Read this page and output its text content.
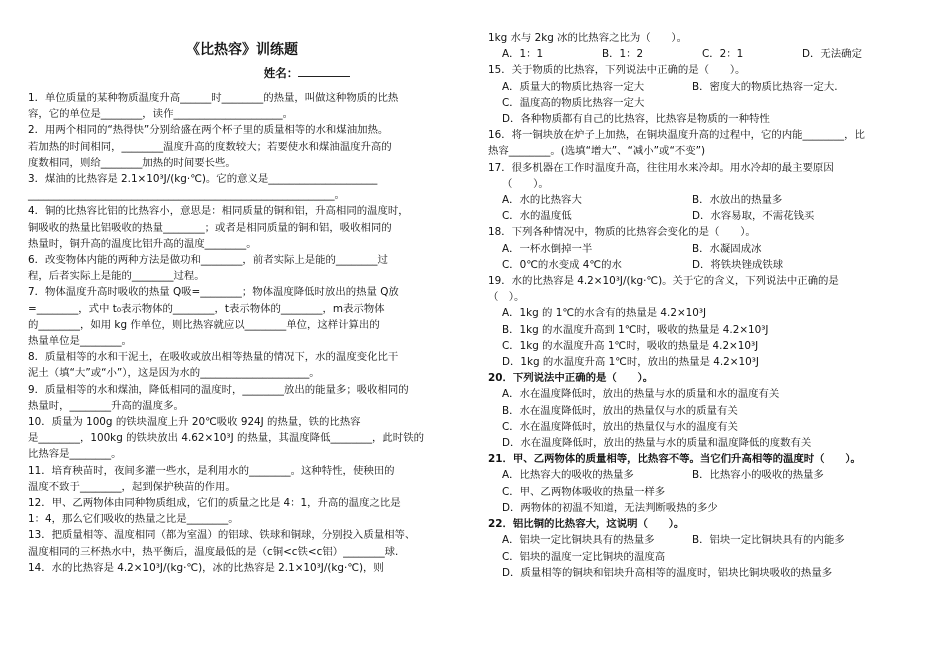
《比热容》训练题
姓名：
1．单位质量的某种物质温度升高______时________的热量，叫做这种物质的比热
容，它的单位是________，读作_____________________。
2．用两个相同的“热得快”分别给盛在两个杯子里的质量相等的水和煤油加热。
若加热的时间相同，________温度升高的度数较大；若要使水和煤油温度升高的
度数相同，则给________加热的时间要长些。
3．煤油的比热容是 2.1×10³J/(kg·℃)。它的意义是_____________________
___________________________________________________________。
4．铜的比热容比铝的比热容小，意思是：相同质量的铜和铝，升高相同的温度时，
铜吸收的热量比铝吸收的热量________；或者是相同质量的铜和铝，吸收相同的
热量时，铜升高的温度比铝升高的温度________。
6．改变物体内能的两种方法是做功和________，前者实际上是能的________过
程，后者实际上是能的________过程。
7．物体温度升高时吸收的热量 Q吸=________；物体温度降低时放出的热量 Q放
=________，式中 t₀表示物体的________，t表示物体的________，m表示物体
的________，如用 kg 作单位，则比热容就应以________单位，这样计算出的
热量单位是________。
8．质量相等的水和干泥土，在吸收或放出相等热量的情况下，水的温度变化比干
泥土（填“大”或“小”），这是因为水的_____________________。
9．质量相等的水和煤油，降低相同的温度时，________放出的能量多；吸收相同的
热量时，________升高的温度多。
10．质量为 100g 的铁块温度上升 20℃吸收 924J 的热量，铁的比热容
是________，100kg 的铁块放出 4.62×10³J 的热量，其温度降低________，此时铁的
比热容是________。
11．培育秧苗时，夜间多灌一些水，是利用水的________。这种特性，使秧田的
温度不致于________，起到保护秧苗的作用。
12．甲、乙两物体由同种物质组成，它们的质量之比是 4：1，升高的温度之比是
1：4，那么它们吸收的热量之比是________。
13．把质量相等、温度相同（都为室温）的铝球、铁球和铜球，分别投入质量相等、
温度相同的三杯热水中，热平衡后，温度最低的是（c铜<c铁<c铝）________球.
14．水的比热容是 4.2×10³J/(kg·℃)，冰的比热容是 2.1×10³J/(kg·℃)，则
1kg 水与 2kg 冰的比热容之比为（　　）。
A．1：1	B．1：2	C．2：1	D．无法确定
15．关于物质的比热容，下列说法中正确的是（　　）。
A．质量大的物质比热容一定大	B．密度大的物质比热容一定大.
C．温度高的物质比热容一定大
D．各种物质都有自己的比热容，比热容是物质的一种特性
16．将一铜块放在炉子上加热，在铜块温度升高的过程中，它的内能________，比
热容________。(选填“增大”、“减小”或“不变”)
17．很多机器在工作时温度升高，往往用水来冷却。用水冷却的最主要原因
（　　）。
A．水的比热容大	B．水放出的热量多
C．水的温度低	D．水容易取，不需花钱买
18．下列各种情况中，物质的比热容会变化的是（　　）。
A．一杯水倒掉一半	B．水凝固成冰
C．0℃的水变成 4℃的水	D．将铁块锉成铁球
19．水的比热容是 4.2×10³J/(kg·℃)。关于它的含义，下列说法中正确的是
（　）。
A．1kg 的 1℃的水含有的热量是 4.2×10³J
B．1kg 的水温度升高到 1℃时，吸收的热量是 4.2×10³J
C．1kg 的水温度升高 1℃时，吸收的热量是 4.2×10³J
D．1kg 的水温度升高 1℃时，放出的热量是 4.2×10³J
20．下列说法中正确的是（　　）。
A．水在温度降低时，放出的热量与水的质量和水的温度有关
B．水在温度降低时，放出的热量仅与水的质量有关
C．水在温度降低时，放出的热量仅与水的温度有关
D．水在温度降低时，放出的热量与水的质量和温度降低的度数有关
21．甲、乙两物体的质量相等，比热容不等。当它们升高相等的温度时（　　）。
A．比热容大的吸收的热量多	B．比热容小的吸收的热量多
C．甲、乙两物体吸收的热量一样多
D．两物体的初温不知道，无法判断吸热的多少
22．铝比铜的比热容大，这说明（　　）。
A．铝块一定比铜块具有的热量多	B．铝块一定比铜块具有的内能多
C．铝块的温度一定比铜块的温度高
D．质量相等的铜块和铝块升高相等的温度时，铝块比铜块吸收的热量多
